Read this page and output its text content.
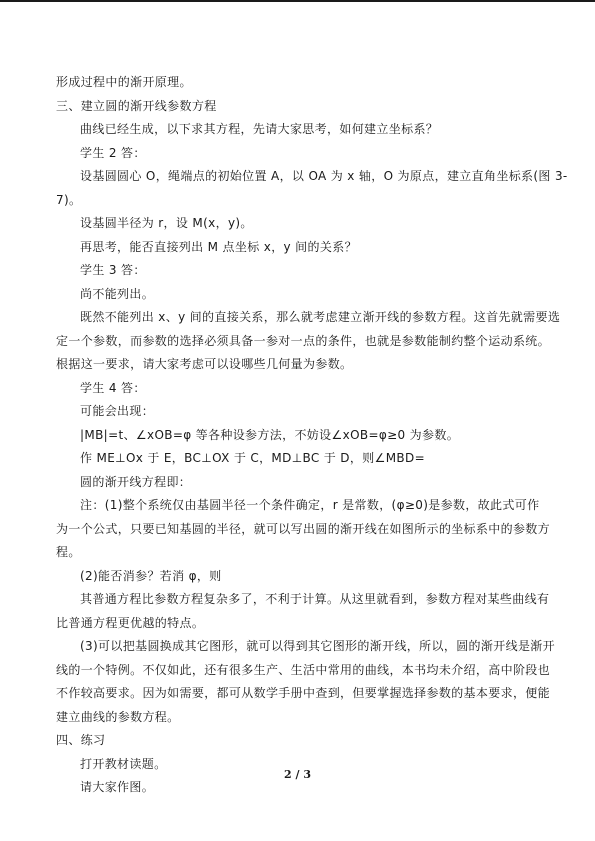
形成过程中的渐开原理。
三、建立圆的渐开线参数方程
曲线已经生成，以下求其方程，先请大家思考，如何建立坐标系？
学生 2 答：
设基圆圆心 O，绳端点的初始位置 A，以 OA 为 x 轴，O 为原点，建立直角坐标系(图 3-
7)。
设基圆半径为 r，设 M(x，y)。
再思考，能否直接列出 M 点坐标 x，y 间的关系？
学生 3 答：
尚不能列出。
既然不能列出 x、y 间的直接关系，那么就考虑建立渐开线的参数方程。这首先就需要选
定一个参数，而参数的选择必须具备一参对一点的条件，也就是参数能制约整个运动系统。
根据这一要求，请大家考虑可以设哪些几何量为参数。
学生 4 答：
可能会出现：
|MB|=t、∠xOB=φ 等各种设参方法，不妨设∠xOB=φ≥0 为参数。
作 ME⊥Ox 于 E，BC⊥OX 于 C，MD⊥BC 于 D，则∠MBD=
圆的渐开线方程即：
注：(1)整个系统仅由基圆半径一个条件确定，r 是常数，(φ≥0)是参数，故此式可作
为一个公式，只要已知基圆的半径，就可以写出圆的渐开线在如图所示的坐标系中的参数方
程。
(2)能否消参？若消 φ，则
其普通方程比参数方程复杂多了，不利于计算。从这里就看到，参数方程对某些曲线有
比普通方程更优越的特点。
(3)可以把基圆换成其它图形，就可以得到其它图形的渐开线，所以，圆的渐开线是渐开
线的一个特例。不仅如此，还有很多生产、生活中常用的曲线，本书均未介绍，高中阶段也
不作较高要求。因为如需要，都可从数学手册中查到，但要掌握选择参数的基本要求，便能
建立曲线的参数方程。
四、练习
打开教材读题。
请大家作图。
2 / 3
